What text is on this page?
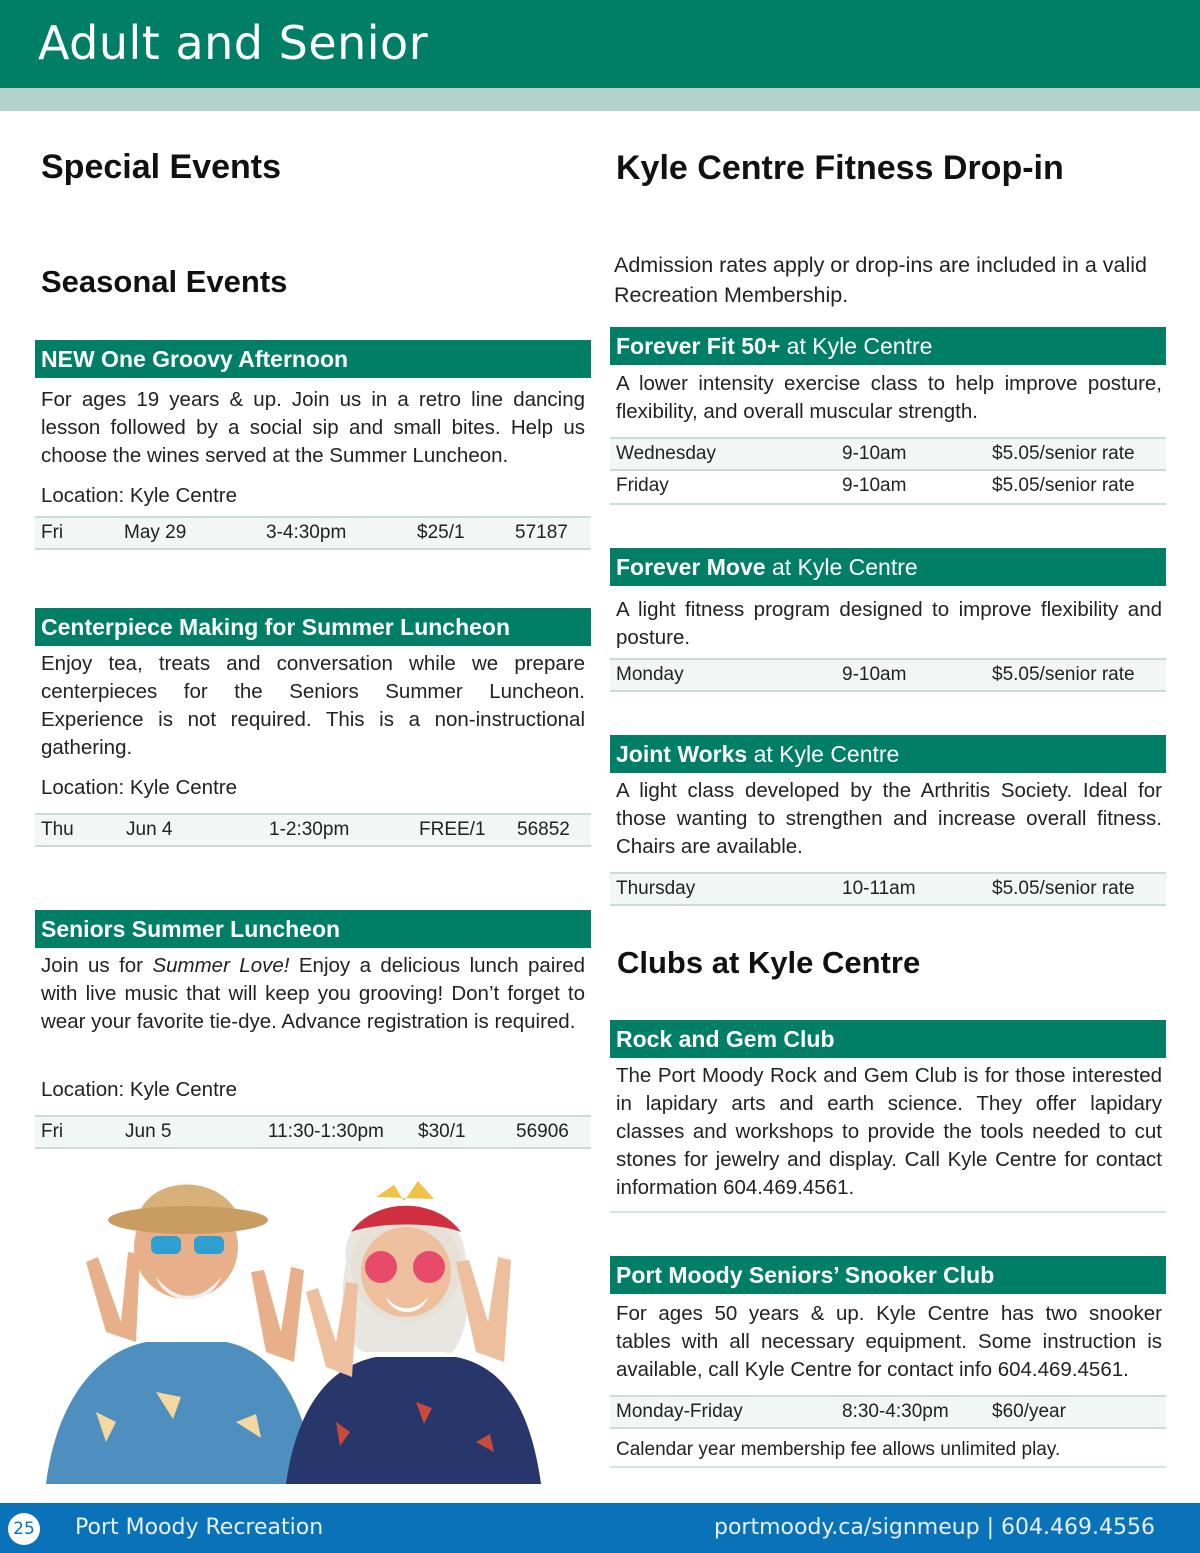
Adult and Senior
Special Events
Seasonal Events
NEW One Groovy Afternoon
For ages 19 years & up. Join us in a retro line dancing lesson followed by a social sip and small bites. Help us choose the wines served at the Summer Luncheon.
Location: Kyle Centre
Fri	May 29	3-4:30pm	$25/1	57187
Centerpiece Making for Summer Luncheon
Enjoy tea, treats and conversation while we prepare centerpieces for the Seniors Summer Luncheon. Experience is not required. This is a non-instructional gathering.
Location: Kyle Centre
Thu	Jun 4	1-2:30pm	FREE/1 56852
Seniors Summer Luncheon
Join us for Summer Love! Enjoy a delicious lunch paired with live music that will keep you grooving! Don’t forget to wear your favorite tie-dye. Advance registration is required.
Location: Kyle Centre
Fri	Jun 5	11:30-1:30pm $30/1	56906
Kyle Centre Fitness Drop-in
Admission rates apply or drop-ins are included in a valid Recreation Membership.
Forever Fit 50+ at Kyle Centre
A lower intensity exercise class to help improve posture, flexibility, and overall muscular strength.
Wednesday	9-10am	$5.05/senior rate
Friday	9-10am	$5.05/senior rate
Forever Move at Kyle Centre
A light fitness program designed to improve flexibility and posture.
Monday	9-10am	$5.05/senior rate
Joint Works at Kyle Centre
A light class developed by the Arthritis Society. Ideal for those wanting to strengthen and increase overall fitness. Chairs are available.
Thursday	10-11am	$5.05/senior rate
Clubs at Kyle Centre
Rock and Gem Club
The Port Moody Rock and Gem Club is for those interested in lapidary arts and earth science. They offer lapidary classes and workshops to provide the tools needed to cut stones for jewelry and display. Call Kyle Centre for contact information 604.469.4561.
Port Moody Seniors’ Snooker Club
For ages 50 years & up. Kyle Centre has two snooker tables with all necessary equipment. Some instruction is available, call Kyle Centre for contact info 604.469.4561.
Monday-Friday	8:30-4:30pm $60/year
Calendar year membership fee allows unlimited play.
25 Port Moody Recreation	portmoody.ca/signmeup | 604.469.4556
